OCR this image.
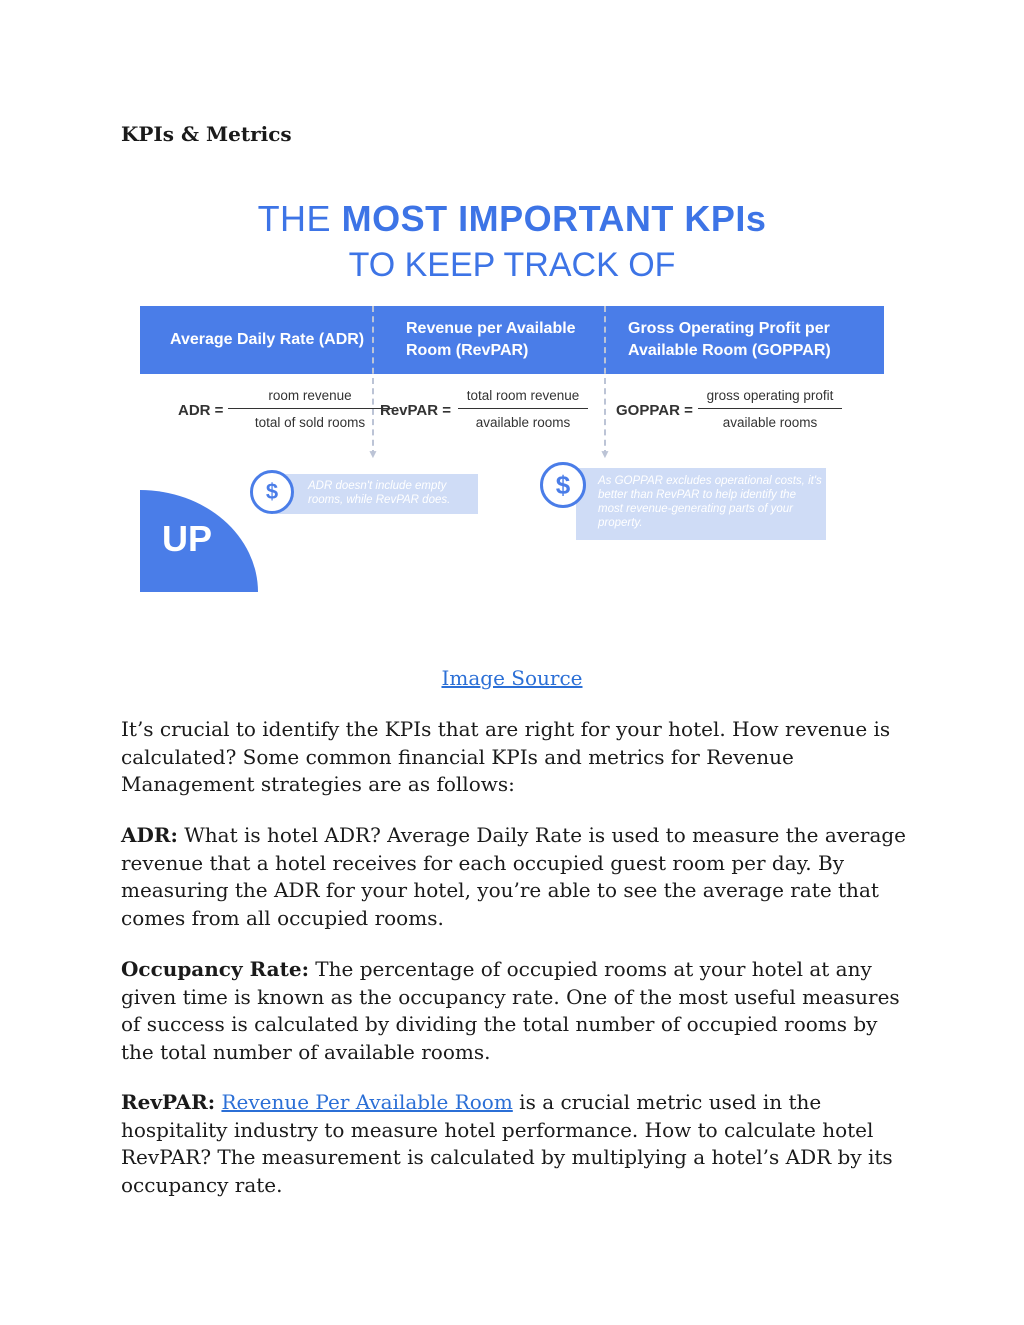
KPIs & Metrics
THE MOST IMPORTANT KPIs
TO KEEP TRACK OF
Average Daily Rate (ADR)
Revenue per Available Room (RevPAR)
Gross Operating Profit per Available Room (GOPPAR)
▼	▼
ADR =
room revenue
total of sold rooms
RevPAR =
total room revenue
available rooms
GOPPAR =
gross operating profit
available rooms
$	ADR doesn't include empty rooms, while RevPAR does.
$	As GOPPAR excludes operational costs, it's better than RevPAR to help identify the most revenue-generating parts of your property.
UP
Image Source

It’s crucial to identify the KPIs that are right for your hotel. How revenue is calculated? Some common financial KPIs and metrics for Revenue Management strategies are as follows:

ADR: What is hotel ADR? Average Daily Rate is used to measure the average revenue that a hotel receives for each occupied guest room per day. By measuring the ADR for your hotel, you’re able to see the average rate that comes from all occupied rooms.

Occupancy Rate: The percentage of occupied rooms at your hotel at any given time is known as the occupancy rate. One of the most useful measures of success is calculated by dividing the total number of occupied rooms by the total number of available rooms.

RevPAR: Revenue Per Available Room is a crucial metric used in the hospitality industry to measure hotel performance. How to calculate hotel RevPAR? The measurement is calculated by multiplying a hotel’s ADR by its occupancy rate.
